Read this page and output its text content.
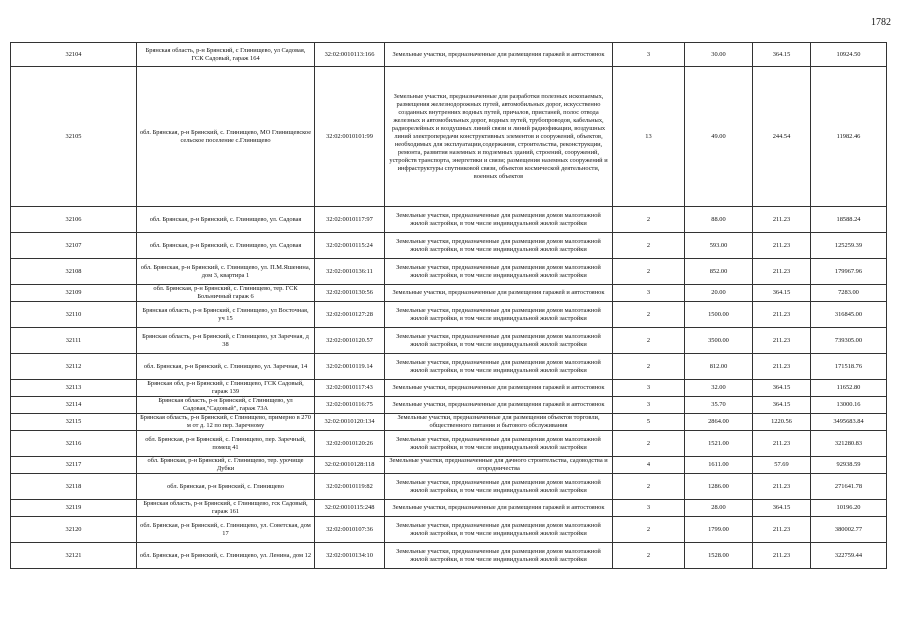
1782
32104	Брянская область, р-н Брянский, с Глинищево, ул Садовая, ГСК Садовый, гараж 164	32:02:0010113:166	Земельные участки, предназначенные для размещения гаражей и автостоянок	3	30.00	364.15	10924.50
32105	обл. Брянская, р-н Брянский, с. Глинищево, МО Глинищевское сельское поселение с.Глинищево	32:02:0010101:99	Земельные участки, предназначенные для разработки полезных ископаемых, размещения железнодорожных путей, автомобильных дорог, искусственно созданных внутренних водных путей, причалов, пристаней, полос отвода железных и автомобильных дорог, водных путей, трубопроводов, кабельных, радиорелейных и воздушных линий связи и линий радиофикации, воздушных линий электропередачи конструктивных элементов и сооружений, объектов, необходимых для эксплуатации,содержания, строительства, реконструкции, ремонта, развития наземных и подземных зданий, строений, сооружений, устройств транспорта, энергетики и связи; размещения наземных сооружений и инфраструктуры спутниковой связи, объектов космической деятельности, военных объектов	13	49.00	244.54	11982.46
32106	обл. Брянская, р-н Брянский, с. Глинищево, ул. Садовая	32:02:0010117:97	Земельные участки, предназначенные для размещения домов малоэтажной жилой застройки, в том числе индивидуальной жилой застройки	2	88.00	211.23	18588.24
32107	обл. Брянская, р-н Брянский, с. Глинищево, ул. Садовая	32:02:0010115:24	Земельные участки, предназначенные для размещения домов малоэтажной жилой застройки, в том числе индивидуальной жилой застройки	2	593.00	211.23	125259.39
32108	обл. Брянская, р-н Брянский, с. Глинищево, ул. П.М.Яшенина, дом 3, квартира 1	32:02:0010136:11	Земельные участки, предназначенные для размещения домов малоэтажной жилой застройки, в том числе индивидуальной жилой застройки	2	852.00	211.23	179967.96
32109	обл. Брянская, р-н Брянский, с. Глинищево, тер. ГСК Больничный гараж 6	32:02:0010130:56	Земельные участки, предназначенные для размещения гаражей и автостоянок	3	20.00	364.15	7283.00
32110	Брянская область, р-н Брянский, с Глинищево, ул Восточная, уч 15	32:02:0010127:28	Земельные участки, предназначенные для размещения домов малоэтажной жилой застройки, в том числе индивидуальной жилой застройки	2	1500.00	211.23	316845.00
32111	Брянская область, р-н Брянский, с Глинищево, ул Заречная, д 38	32:02:0010120.57	Земельные участки, предназначенные для размещения домов малоэтажной жилой застройки, в том числе индивидуальной жилой застройки	2	3500.00	211.23	739305.00
32112	обл. Брянская, р-н Брянский, с. Глинищево, ул. Заречная, 14	32:02:0010119.14	Земельные участки, предназначенные для размещения домов малоэтажной жилой застройки, в том числе индивидуальной жилой застройки	2	812.00	211.23	171518.76
32113	Брянская обл, р-н Брянский, с Глинищево, ГСК Садовый, гараж 139	32:02:0010117:43	Земельные участки, предназначенные для размещения гаражей и автостоянок	3	32.00	364.15	11652.80
32114	Брянская область, р-н Брянский, с Глинищево, ул Садовая,"Садовый", гараж 73А	32:02:0010116:75	Земельные участки, предназначенные для размещения гаражей и автостоянок	3	35.70	364.15	13000.16
32115	Брянская область, р-н Брянский, с Глинищево, примерно в 270 м от д. 12 по пер. Заречному	32:02:0010120:134	Земельные участки, предназначенные для размещения объектов торговли, общественного питания и бытового обслуживания	5	2864.00	1220.56	3495683.84
32116	обл. Брянская, р-н Брянский, с. Глинищево, пер. Заречный, помещ 41	32:02:0010120:26	Земельные участки, предназначенные для размещения домов малоэтажной жилой застройки, в том числе индивидуальной жилой застройки	2	1521.00	211.23	321280.83
32117	обл. Брянская, р-н Брянский, с. Глинищево, тер. урочище Дубки	32:02:0010128:118	Земельные участки, предназначенные для дачного строительства, садоводства и огородничества	4	1611.00	57.69	92938.59
32118	обл. Брянская, р-н Брянский, с. Глинищево	32:02:0010119:82	Земельные участки, предназначенные для размещения домов малоэтажной жилой застройки, в том числе индивидуальной жилой застройки	2	1286.00	211.23	271641.78
32119	Брянская область, р-н Брянский, с Глинищево, гск Садовый, гараж 161	32:02:0010115:248	Земельные участки, предназначенные для размещения гаражей и автостоянок	3	28.00	364.15	10196.20
32120	обл. Брянская, р-н Брянский, с. Глинищево, ул. Советская, дом 17	32:02:0010107:36	Земельные участки, предназначенные для размещения домов малоэтажной жилой застройки, в том числе индивидуальной жилой застройки	2	1799.00	211.23	380002.77
32121	обл. Брянская, р-н Брянский, с. Глинищево, ул. Ленина, дом 12	32:02:0010134:10	Земельные участки, предназначенные для размещения домов малоэтажной жилой застройки, в том числе индивидуальной жилой застройки	2	1528.00	211.23	322759.44
